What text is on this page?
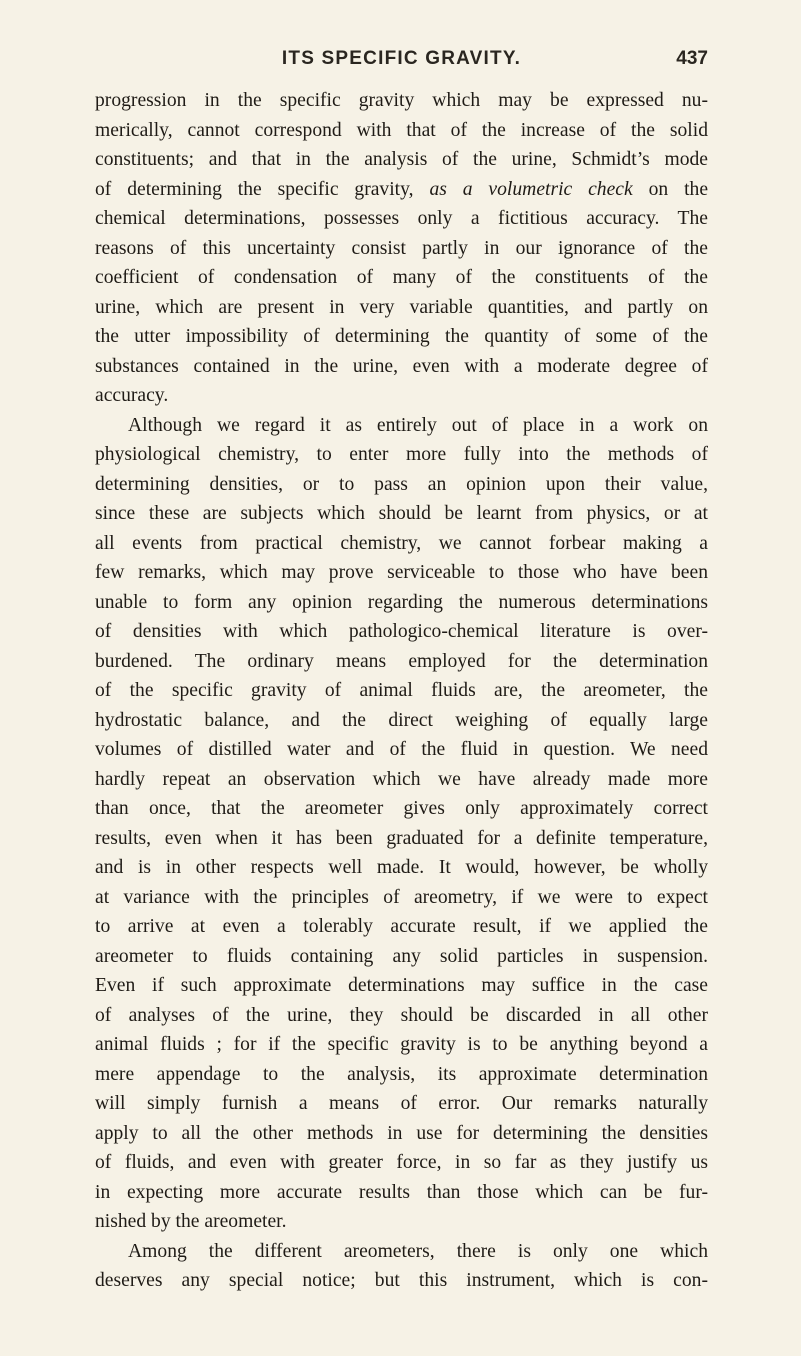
ITS SPECIFIC GRAVITY.	437
progression in the specific gravity which may be expressed nu-
merically, cannot correspond with that of the increase of the solid
constituents; and that in the analysis of the urine, Schmidt’s mode
of determining the specific gravity, as a volumetric check on the
chemical determinations, possesses only a fictitious accuracy. The
reasons of this uncertainty consist partly in our ignorance of the
coefficient of condensation of many of the constituents of the
urine, which are present in very variable quantities, and partly on
the utter impossibility of determining the quantity of some of the
substances contained in the urine, even with a moderate degree of
accuracy.
Although we regard it as entirely out of place in a work on
physiological chemistry, to enter more fully into the methods of
determining densities, or to pass an opinion upon their value,
since these are subjects which should be learnt from physics, or at
all events from practical chemistry, we cannot forbear making a
few remarks, which may prove serviceable to those who have been
unable to form any opinion regarding the numerous determinations
of densities with which pathologico-chemical literature is over-
burdened. The ordinary means employed for the determination
of the specific gravity of animal fluids are, the areometer, the
hydrostatic balance, and the direct weighing of equally large
volumes of distilled water and of the fluid in question. We need
hardly repeat an observation which we have already made more
than once, that the areometer gives only approximately correct
results, even when it has been graduated for a definite temperature,
and is in other respects well made. It would, however, be wholly
at variance with the principles of areometry, if we were to expect
to arrive at even a tolerably accurate result, if we applied the
areometer to fluids containing any solid particles in suspension.
Even if such approximate determinations may suffice in the case
of analyses of the urine, they should be discarded in all other
animal fluids ; for if the specific gravity is to be anything beyond a
mere appendage to the analysis, its approximate determination
will simply furnish a means of error. Our remarks naturally
apply to all the other methods in use for determining the densities
of fluids, and even with greater force, in so far as they justify us
in expecting more accurate results than those which can be fur-
nished by the areometer.
Among the different areometers, there is only one which
deserves any special notice; but this instrument, which is con-
